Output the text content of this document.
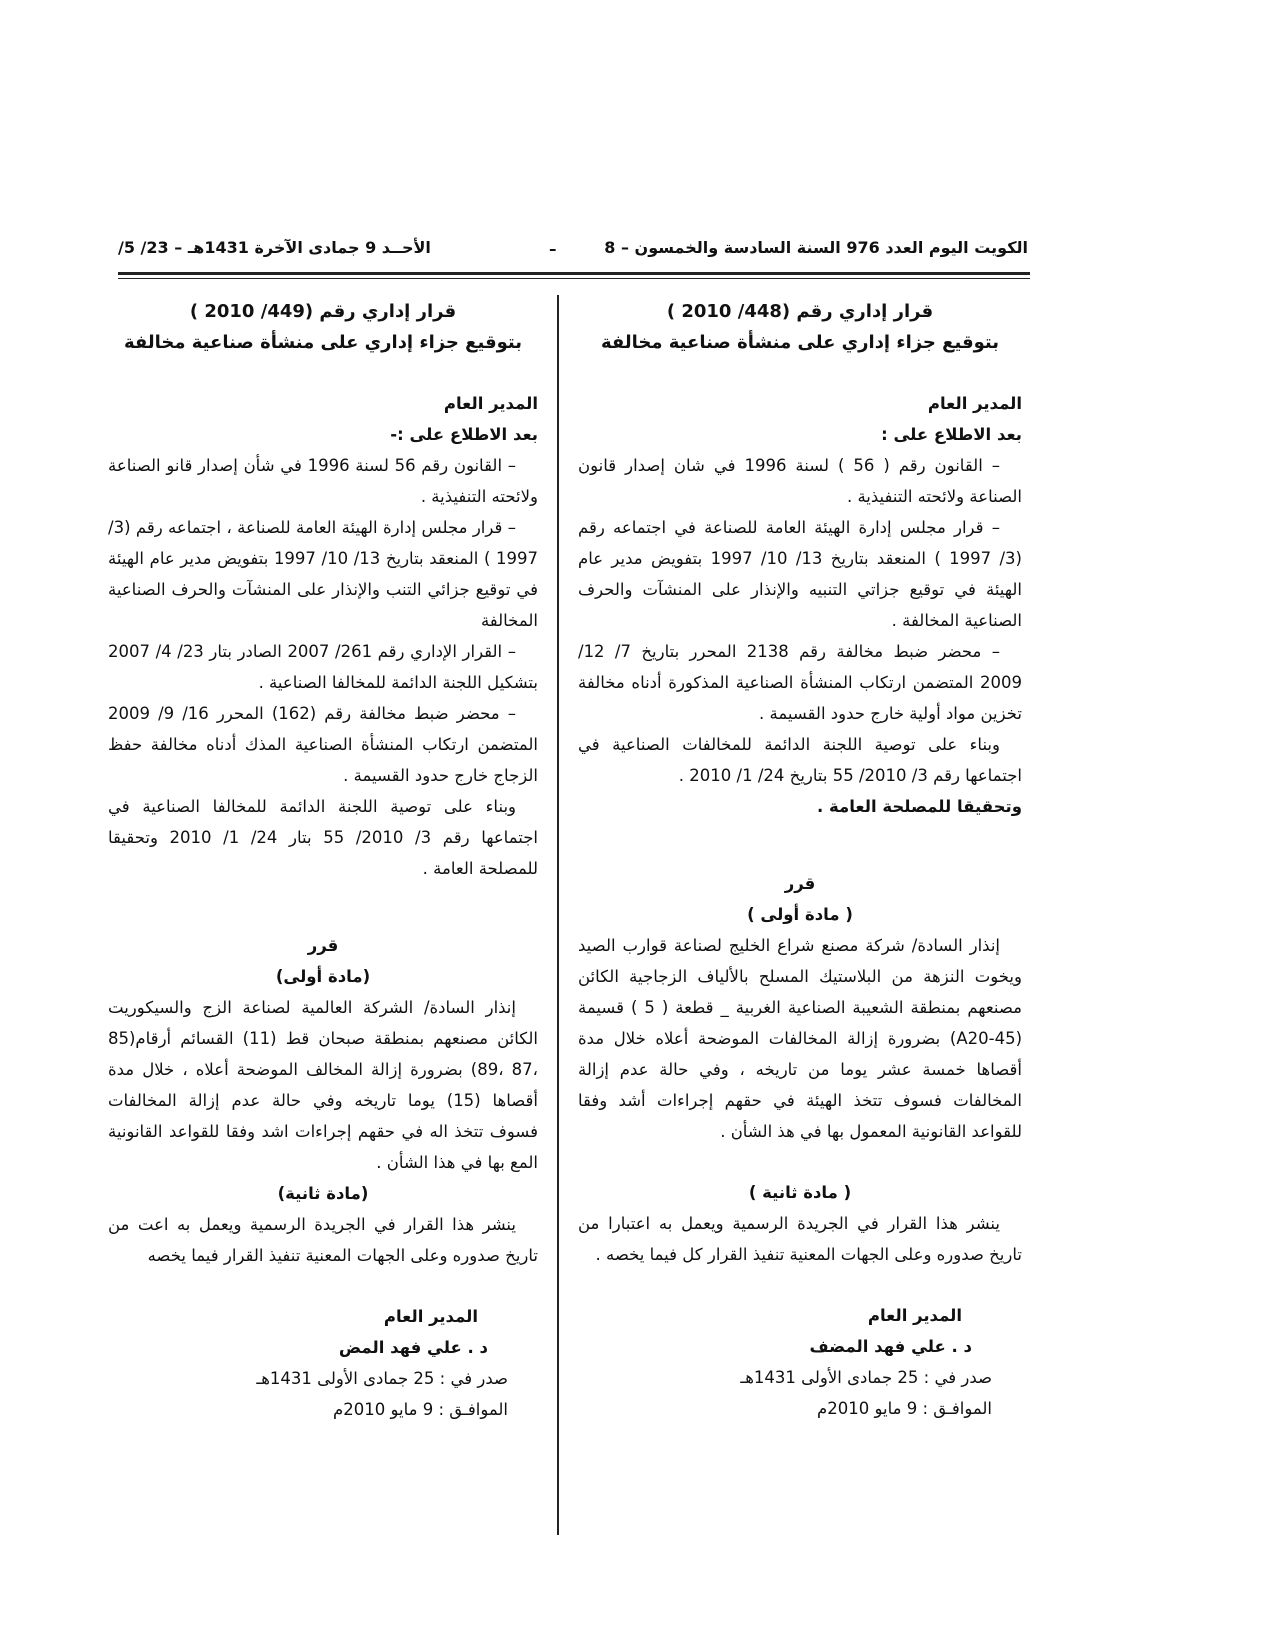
الكويت اليوم العدد 976 السنة السادسة والخمسون – 8
ـ
الأحــد 9 جمادى الآخرة 1431هـ – 23/ 5/

قرار إداري رقم (448/ 2010 )

بتوقيع جزاء إداري على منشأة صناعية مخالفة

المدير العام

بعد الاطلاع على :

– القانون رقم ( 56 ) لسنة 1996 في شان إصدار قانون الصناعة ولائحته التنفيذية .

– قرار مجلس إدارة الهيئة العامة للصناعة في اجتماعه رقم (3/ 1997 ) المنعقد بتاريخ 13/ 10/ 1997 بتفويض مدير عام الهيئة في توقيع جزاتي التنبيه والإنذار على المنشآت والحرف الصناعية المخالفة .

– محضر ضبط مخالفة رقم 2138 المحرر بتاريخ 7/ 12/ 2009 المتضمن ارتكاب المنشأة الصناعية المذكورة أدناه مخالفة تخزين مواد أولية خارج حدود القسيمة .

وبناء على توصية اللجنة الدائمة للمخالفات الصناعية في اجتماعها رقم 3/ 2010/ 55 بتاريخ 24/ 1/ 2010 .

وتحقيقا للمصلحة العامة .

قرر

( مادة أولى )

إنذار السادة/ شركة مصنع شراع الخليج لصناعة قوارب الصيد ويخوت النزهة من البلاستيك المسلح بالألياف الزجاجية الكائن مصنعهم بمنطقة الشعيبة الصناعية الغربية _ قطعة ( 5 ) قسيمة (A20-45) بضرورة إزالة المخالفات الموضحة أعلاه خلال مدة أقصاها خمسة عشر يوما من تاريخه ، وفي حالة عدم إزالة المخالفات فسوف تتخذ الهيئة في حقهم إجراءات أشد وفقا للقواعد القانونية المعمول بها في هذ الشأن .

( مادة ثانية )

ينشر هذا القرار في الجريدة الرسمية ويعمل به اعتبارا من تاريخ صدوره وعلى الجهات المعنية تنفيذ القرار كل فيما يخصه .

المدير العام

د . علي فهد المضف

صدر في : 25 جمادى الأولى 1431هـ

الموافـق : 9 مايو 2010م

قرار إداري رقم (449/ 2010 )

بتوقيع جزاء إداري على منشأة صناعية مخالفة

المدير العام

بعد الاطلاع على :-

– القانون رقم 56 لسنة 1996 في شأن إصدار قانو الصناعة ولائحته التنفيذية .

– قرار مجلس إدارة الهيئة العامة للصناعة ، اجتماعه رقم (3/ 1997 ) المنعقد بتاريخ 13/ 10/ 1997 بتفويض مدير عام الهيئة في توقيع جزائي التنب والإنذار على المنشآت والحرف الصناعية المخالفة

– القرار الإداري رقم 261/ 2007 الصادر بتار 23/ 4/ 2007 بتشكيل اللجنة الدائمة للمخالفا الصناعية .

– محضر ضبط مخالفة رقم (162) المحرر 16/ 9/ 2009 المتضمن ارتكاب المنشأة الصناعية المذك أدناه مخالفة حفظ الزجاج خارج حدود القسيمة .

وبناء على توصية اللجنة الدائمة للمخالفا الصناعية في اجتماعها رقم 3/ 2010/ 55 بتار 24/ 1/ 2010 وتحقيقا للمصلحة العامة .

قرر

(مادة أولى)

إنذار السادة/ الشركة العالمية لصناعة الزج والسيكوريت الكائن مصنعهم بمنطقة صبحان قط (11) القسائم أرقام(85 ،87 ،89) بضرورة إزالة المخالف الموضحة أعلاه ، خلال مدة أقصاها (15) يوما تاريخه وفي حالة عدم إزالة المخالفات فسوف تتخذ اله في حقهم إجراءات اشد وفقا للقواعد القانونية المع بها في هذا الشأن .

(مادة ثانية)

ينشر هذا القرار في الجريدة الرسمية ويعمل به اعت من تاريخ صدوره وعلى الجهات المعنية تنفيذ القرار فيما يخصه

المدير العام

د . علي فهد المض

صدر في : 25 جمادى الأولى 1431هـ

الموافـق : 9 مايو 2010م
